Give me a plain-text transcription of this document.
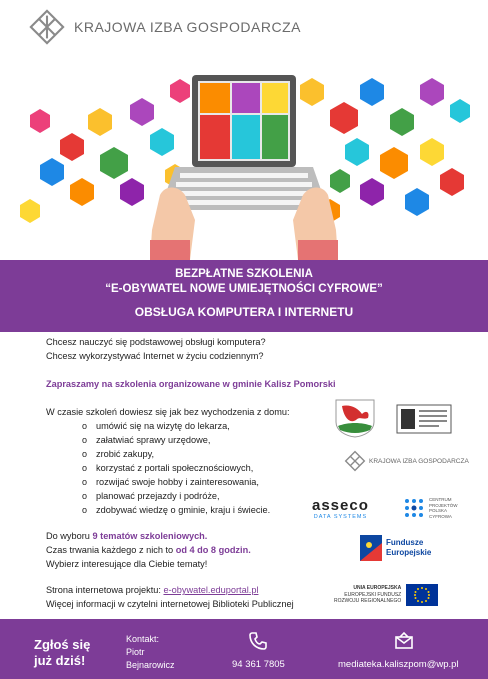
KRAJOWA IZBA GOSPODARCZA
BEZPŁATNE SZKOLENIA
“E-OBYWATEL NOWE UMIEJĘTNOŚCI CYFROWE”
OBSŁUGA KOMPUTERA I INTERNETU

Chcesz nauczyć się podstawowej obsługi komputera?

Chcesz wykorzystywać Internet w życiu codziennym?

Zapraszamy na szkolenia organizowane w gminie Kalisz Pomorski
W czasie szkoleń dowiesz się jak bez wychodzenia z domu:
o umówić się na wizytę do lekarza,
o załatwiać sprawy urzędowe,
o zrobić zakupy,
o korzystać z portali społecznościowych,
o rozwijać swoje hobby i zainteresowania,
o planować przejazdy i podróże,
o zdobywać wiedzę o gminie, kraju i świecie.
Do wyboru 9 tematów szkoleniowych.
Czas trwania każdego z nich to od 4 do 8 godzin.
Wybierz interesujące dla Ciebie tematy!
Strona internetowa projektu: e-obywatel.eduportal.pl
Więcej informacji w czytelni internetowej Biblioteki Publicznej
KRAJOWA IZBA GOSPODARCZA
asseco
DATA SYSTEMS
CENTRUM PROJEKTÓW POLSKA CYFROWA
Fundusze
Europejskie
UNIA EUROPEJSKA
EUROPEJSKI FUNDUSZ
ROZWOJU REGIONALNEGO
Zgłoś się
już dziś!
Kontakt:
Piotr
Bejnarowicz	94 361 7805	mediateka.kaliszpom@wp.pl
